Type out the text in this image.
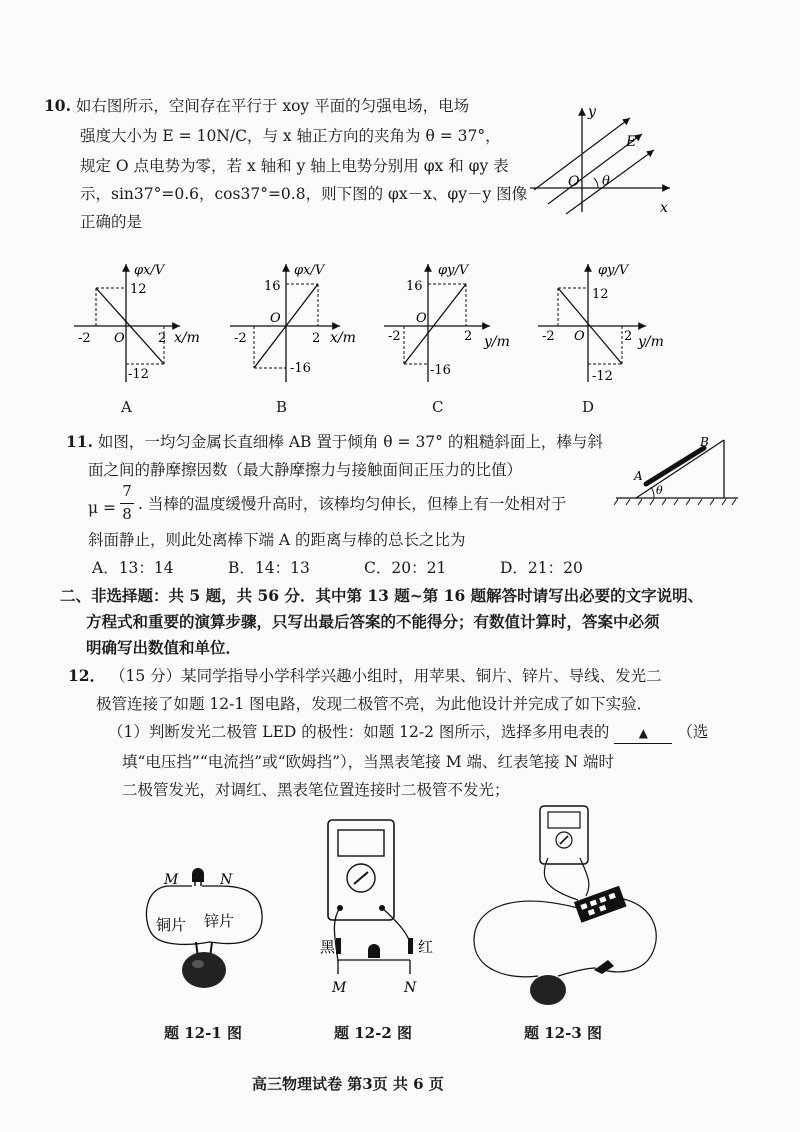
10. 如右图所示，空间存在平行于 xoy 平面的匀强电场，电场
强度大小为 E = 10N/C，与 x 轴正方向的夹角为 θ = 37°，
规定 O 点电势为零，若 x 轴和 y 轴上电势分别用 φx 和 φy 表
示，sin37°=0.6，cos37°=0.8，则下图的 φx－x、φy－y 图像
正确的是
y
x
E
O θ
φx/V
12
-2	2
O
-12
x/m
A
φx/V
16
-2	2
O
-16
x/m
B
φy/V
16
-2	2
O
-16
y/m
C
φy/V
12
-2	2
O
-12
y/m
D
11. 如图，一均匀金属长直细棒 AB 置于倾角 θ = 37° 的粗糙斜面上，棒与斜
面之间的静摩擦因数（最大静摩擦力与接触面间正压力的比值）
μ =
7
8
. 当棒的温度缓慢升高时，该棒均匀伸长，但棒上有一处相对于
斜面静止，则此处离棒下端 A 的距离与棒的总长之比为
A．13：14	B．14：13	C．20：21	D．21：20
A
B
θ
二、非选择题：共 5 题，共 56 分．其中第 13 题~第 16 题解答时请写出必要的文字说明、
方程式和重要的演算步骤，只写出最后答案的不能得分；有数值计算时，答案中必须
明确写出数值和单位．
12． （15 分）某同学指导小学科学兴趣小组时，用苹果、铜片、锌片、导线、发光二
极管连接了如题 12-1 图电路，发现二极管不亮，为此他设计并完成了如下实验．
（1）判断发光二极管 LED 的极性：如题 12-2 图所示，选择多用电表的 ▲ （选
填“电压挡”“电流挡”或“欧姆挡”），当黑表笔接 M 端、红表笔接 N 端时
二极管发光，对调红、黑表笔位置连接时二极管不发光；
M	N
铜片 锌片
题 12-1 图
黑	红
M	N
题 12-2 图	题 12-3 图
高三物理试卷 第3页 共 6 页
